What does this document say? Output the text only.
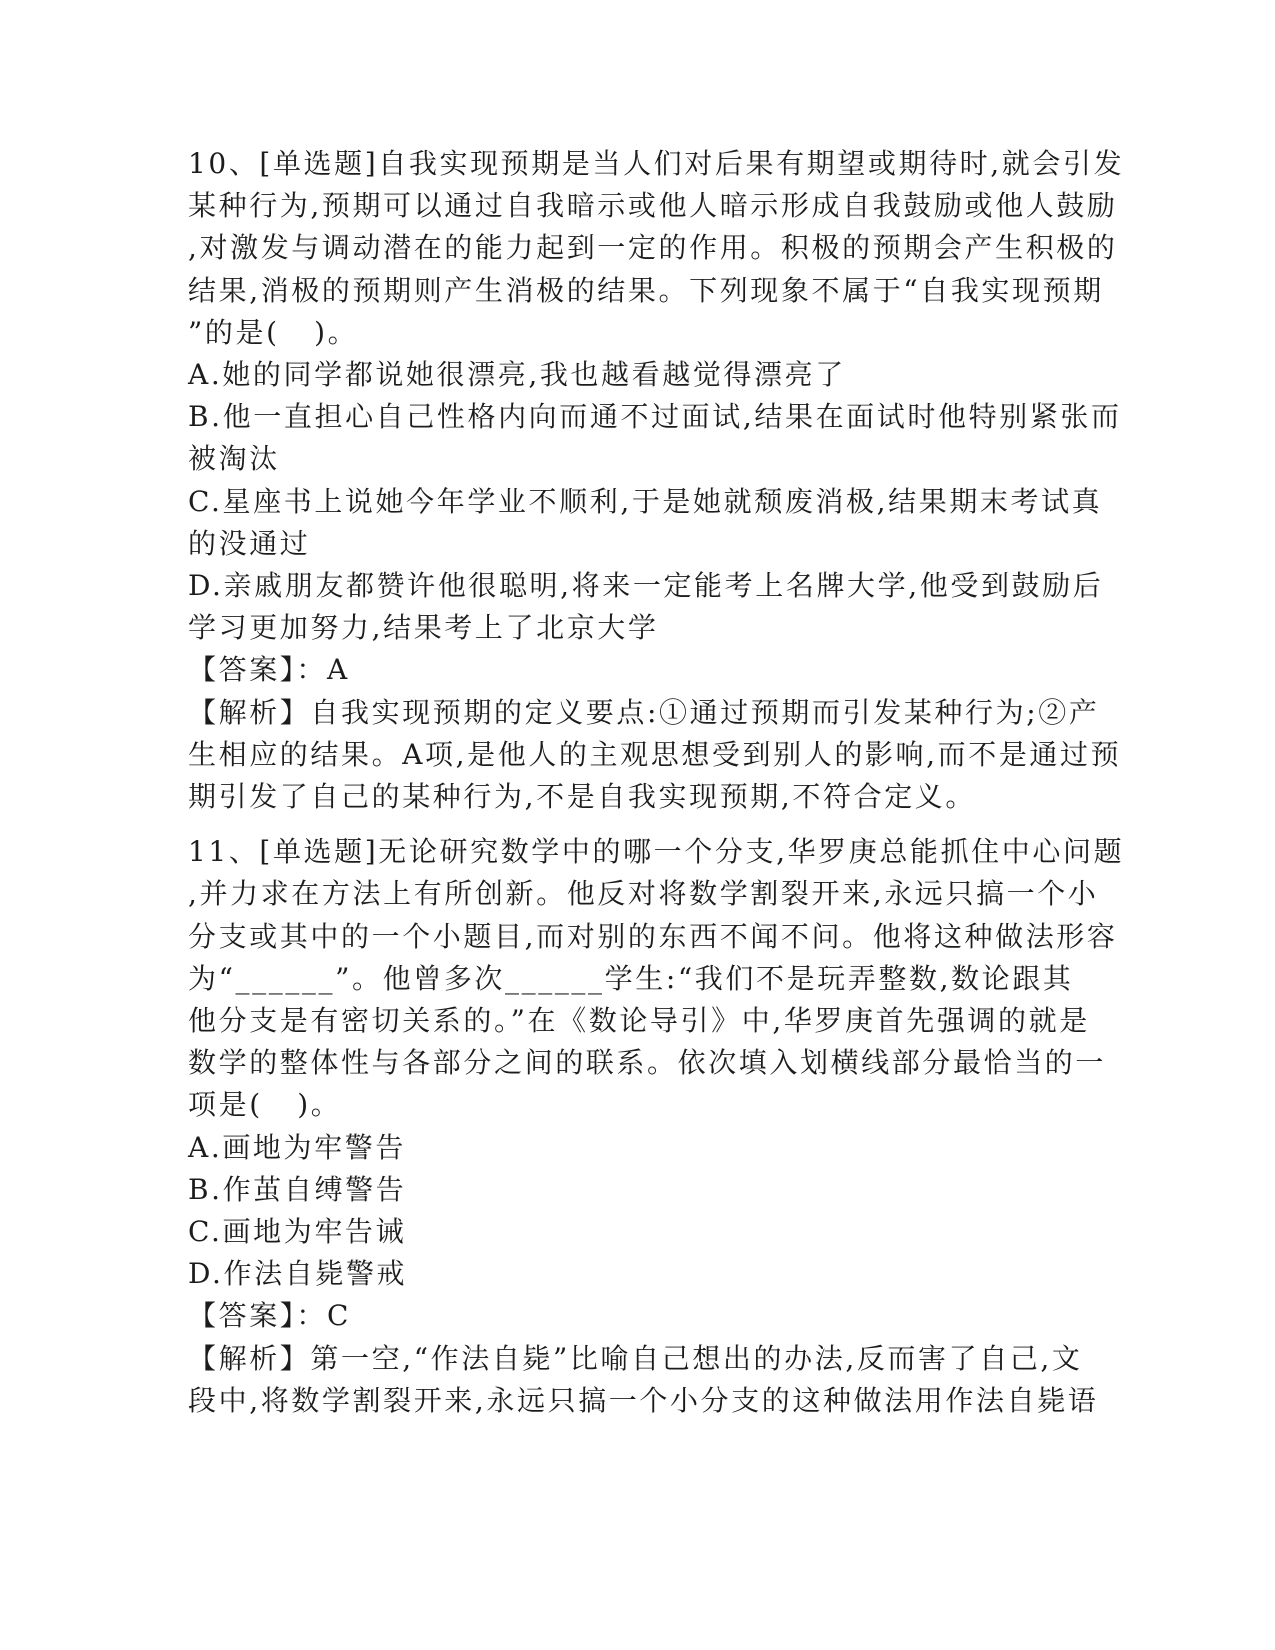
10、[单选题]自我实现预期是当人们对后果有期望或期待时,就会引发
某种行为,预期可以通过自我暗示或他人暗示形成自我鼓励或他人鼓励
,对激发与调动潜在的能力起到一定的作用。积极的预期会产生积极的
结果,消极的预期则产生消极的结果。下列现象不属于“自我实现预期
”的是(   )。
A.她的同学都说她很漂亮,我也越看越觉得漂亮了
B.他一直担心自己性格内向而通不过面试,结果在面试时他特别紧张而
被淘汰
C.星座书上说她今年学业不顺利,于是她就颓废消极,结果期末考试真
的没通过
D.亲戚朋友都赞许他很聪明,将来一定能考上名牌大学,他受到鼓励后
学习更加努力,结果考上了北京大学
【答案】：A
【解析】自我实现预期的定义要点:①通过预期而引发某种行为;②产
生相应的结果。A项,是他人的主观思想受到别人的影响,而不是通过预
期引发了自己的某种行为,不是自我实现预期,不符合定义。
11、[单选题]无论研究数学中的哪一个分支,华罗庚总能抓住中心问题
,并力求在方法上有所创新。他反对将数学割裂开来,永远只搞一个小
分支或其中的一个小题目,而对别的东西不闻不问。他将这种做法形容
为“______”。他曾多次______学生:“我们不是玩弄整数,数论跟其
他分支是有密切关系的。”在《数论导引》中,华罗庚首先强调的就是
数学的整体性与各部分之间的联系。依次填入划横线部分最恰当的一
项是(   )。
A.画地为牢警告
B.作茧自缚警告
C.画地为牢告诫
D.作法自毙警戒
【答案】：C
【解析】第一空,“作法自毙”比喻自己想出的办法,反而害了自己,文
段中,将数学割裂开来,永远只搞一个小分支的这种做法用作法自毙语
